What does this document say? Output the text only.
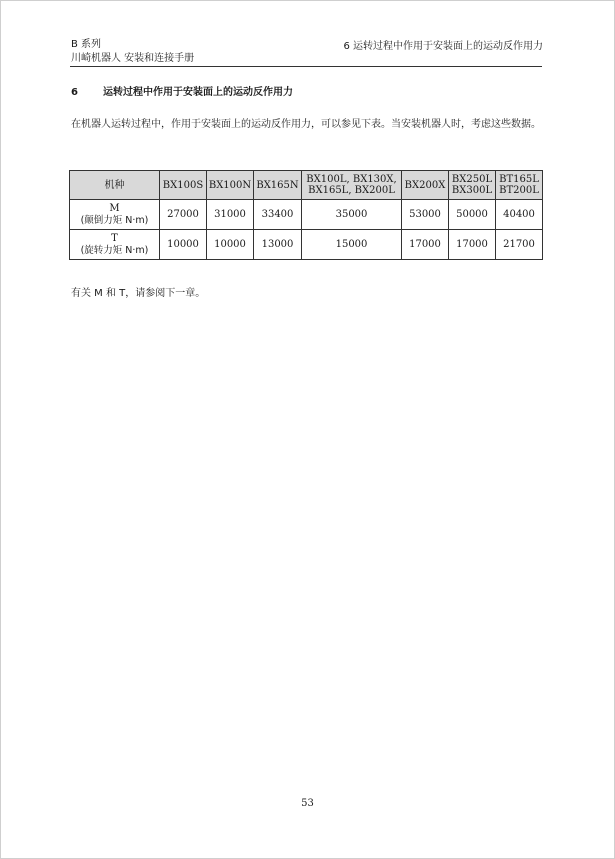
B 系列
川崎机器人 安装和连接手册
6 运转过程中作用于安装面上的运动反作用力
6	运转过程中作用于安装面上的运动反作用力
在机器人运转过程中，作用于安装面上的运动反作用力，可以参见下表。当安装机器人时，考虑这些数据。
机种	BX100S	BX100N	BX165N	BX100L, BX130X, BX165L, BX200L	BX200X	BX250L BX300L	BT165L BT200L

M
(颠倒力矩 N·m)	27000	31000	33400	35000	53000	50000	40400

T
(旋转力矩 N·m)	10000	10000	13000	15000	17000	17000	21700
有关 M 和 T，请参阅下一章。
53
